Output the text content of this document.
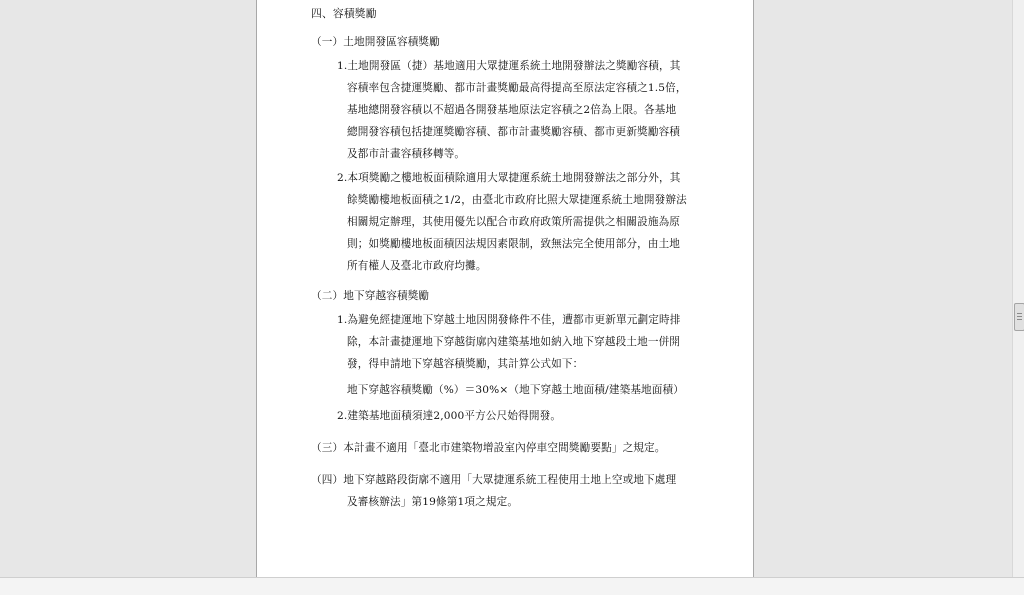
四、容積獎勵
（一）土地開發區容積獎勵
1.土地開發區（捷）基地適用大眾捷運系統土地開發辦法之獎勵容積，其
容積率包含捷運獎勵、都市計畫獎勵最高得提高至原法定容積之1.5倍，
基地總開發容積以不超過各開發基地原法定容積之2倍為上限。各基地
總開發容積包括捷運獎勵容積、都市計畫獎勵容積、都市更新獎勵容積
及都市計畫容積移轉等。
2.本項獎勵之樓地板面積除適用大眾捷運系統土地開發辦法之部分外，其
餘獎勵樓地板面積之1/2，由臺北市政府比照大眾捷運系統土地開發辦法
相關規定辦理，其使用優先以配合市政府政策所需提供之相關設施為原
則；如獎勵樓地板面積因法規因素限制，致無法完全使用部分，由土地
所有權人及臺北市政府均攤。
（二）地下穿越容積獎勵
1.為避免經捷運地下穿越土地因開發條件不佳，遭都市更新單元劃定時排
除，本計畫捷運地下穿越街廓內建築基地如納入地下穿越段土地一併開
發，得申請地下穿越容積獎勵，其計算公式如下：
地下穿越容積獎勵（%）＝30%×（地下穿越土地面積/建築基地面積）
2.建築基地面積須達2,000平方公尺始得開發。
（三）本計畫不適用「臺北市建築物增設室內停車空間獎勵要點」之規定。
（四）地下穿越路段街廓不適用「大眾捷運系統工程使用土地上空或地下處理
及審核辦法」第19條第1項之規定。
